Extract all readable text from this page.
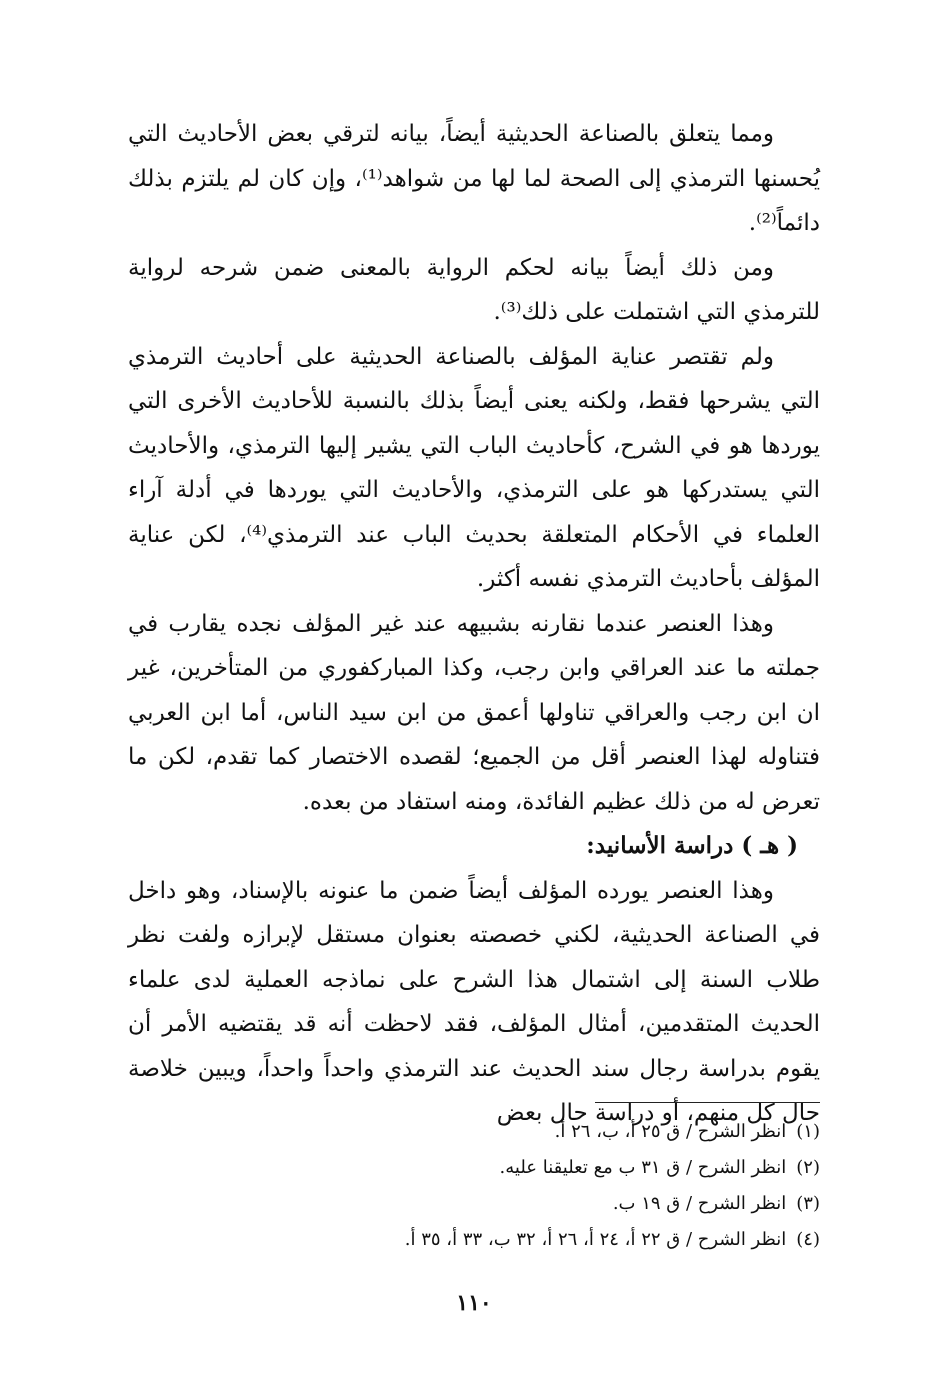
ومما يتعلق بالصناعة الحديثية أيضاً، بيانه لترقي بعض الأحاديث التي يُحسنها الترمذي إلى الصحة لما لها من شواهد⁽¹⁾، وإن كان لم يلتزم بذلك دائماً⁽²⁾.

ومن ذلك أيضاً بيانه لحكم الرواية بالمعنى ضمن شرحه لرواية للترمذي التي اشتملت على ذلك⁽³⁾.

ولم تقتصر عناية المؤلف بالصناعة الحديثية على أحاديث الترمذي التي يشرحها فقط، ولكنه يعنى أيضاً بذلك بالنسبة للأحاديث الأخرى التي يوردها هو في الشرح، كأحاديث الباب التي يشير إليها الترمذي، والأحاديث التي يستدركها هو على الترمذي، والأحاديث التي يوردها في أدلة آراء العلماء في الأحكام المتعلقة بحديث الباب عند الترمذي⁽⁴⁾، لكن عناية المؤلف بأحاديث الترمذي نفسه أكثر.

وهذا العنصر عندما نقارنه بشبيهه عند غير المؤلف نجده يقارب في جملته ما عند العراقي وابن رجب، وكذا المباركفوري من المتأخرين، غير ان ابن رجب والعراقي تناولها أعمق من ابن سيد الناس، أما ابن العربي فتناوله لهذا العنصر أقل من الجميع؛ لقصده الاختصار كما تقدم، لكن ما تعرض له من ذلك عظيم الفائدة، ومنه استفاد من بعده.

( هـ ) دراسة الأسانيد:

وهذا العنصر يورده المؤلف أيضاً ضمن ما عنونه بالإسناد، وهو داخل في الصناعة الحديثية، لكني خصصته بعنوان مستقل لإبرازه ولفت نظر طلاب السنة إلى اشتمال هذا الشرح على نماذجه العملية لدى علماء الحديث المتقدمين، أمثال المؤلف، فقد لاحظت أنه قد يقتضيه الأمر أن يقوم بدراسة رجال سند الحديث عند الترمذي واحداً واحداً، ويبين خلاصة حال كل منهم، أو دراسة حال بعض

(١)انظر الشرح / ق ٢٥ أ، ب، ٢٦ أ.
(٢)انظر الشرح / ق ٣١ ب مع تعليقنا عليه.
(٣)انظر الشرح / ق ١٩ ب.
(٤)انظر الشرح / ق ٢٢ أ، ٢٤ أ، ٢٦ أ، ٣٢ ب، ٣٣ أ، ٣٥ أ.
١١٠
